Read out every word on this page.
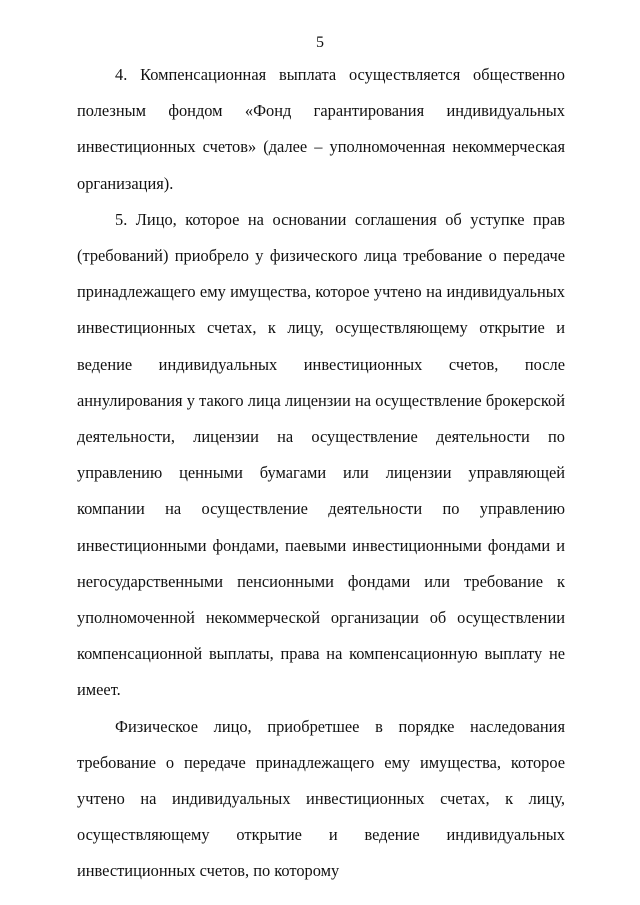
5

4. Компенсационная выплата осуществляется общественно полезным фондом «Фонд гарантирования индивидуальных инвестиционных счетов» (далее – уполномоченная некоммерческая организация).

5. Лицо, которое на основании соглашения об уступке прав (требований) приобрело у физического лица требование о передаче принадлежащего ему имущества, которое учтено на индивидуальных инвестиционных счетах, к лицу, осуществляющему открытие и ведение индивидуальных инвестиционных счетов, после аннулирования у такого лица лицензии на осуществление брокерской деятельности, лицензии на осуществление деятельности по управлению ценными бумагами или лицензии управляющей компании на осуществление деятельности по управлению инвестиционными фондами, паевыми инвестиционными фондами и негосударственными пенсионными фондами или требование к уполномоченной некоммерческой организации об осуществлении компенсационной выплаты, права на компенсационную выплату не имеет.

Физическое лицо, приобретшее в порядке наследования требование о передаче принадлежащего ему имущества, которое учтено на индивидуальных инвестиционных счетах, к лицу, осуществляющему открытие и ведение индивидуальных инвестиционных счетов, по которому
